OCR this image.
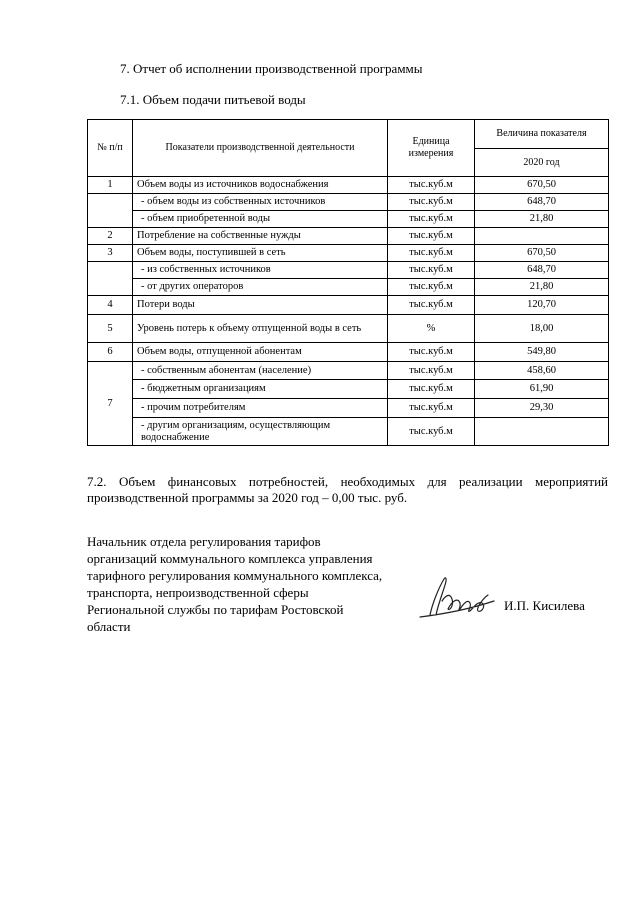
7. Отчет об исполнении производственной программы
7.1. Объем подачи питьевой воды
№ п/п	Показатели производственной деятельности	Единица измерения	Величина показателя
			2020 год
1	Объем воды из источников водоснабжения	тыс.куб.м	670,50
	- объем воды из собственных источников	тыс.куб.м	648,70
	- объем приобретенной воды	тыс.куб.м	21,80
2	Потребление на собственные нужды	тыс.куб.м	
3	Объем воды, поступившей в сеть	тыс.куб.м	670,50
	- из собственных источников	тыс.куб.м	648,70
	- от других операторов	тыс.куб.м	21,80
4	Потери воды	тыс.куб.м	120,70
5	Уровень потерь к объему отпущенной воды в сеть	%	18,00
6	Объем воды, отпущенной абонентам	тыс.куб.м	549,80
7	- собственным абонентам (население)	тыс.куб.м	458,60
	- бюджетным организациям	тыс.куб.м	61,90
	- прочим потребителям	тыс.куб.м	29,30
	- другим организациям, осуществляющим водоснабжение	тыс.куб.м	
7.2. Объем финансовых потребностей, необходимых для реализации мероприятий производственной программы за 2020 год – 0,00 тыс. руб.
Начальник отдела регулирования тарифов организаций коммунального комплекса управления тарифного регулирования коммунального комплекса, транспорта, непроизводственной сферы Региональной службы по тарифам Ростовской области
И.П. Кисилева
